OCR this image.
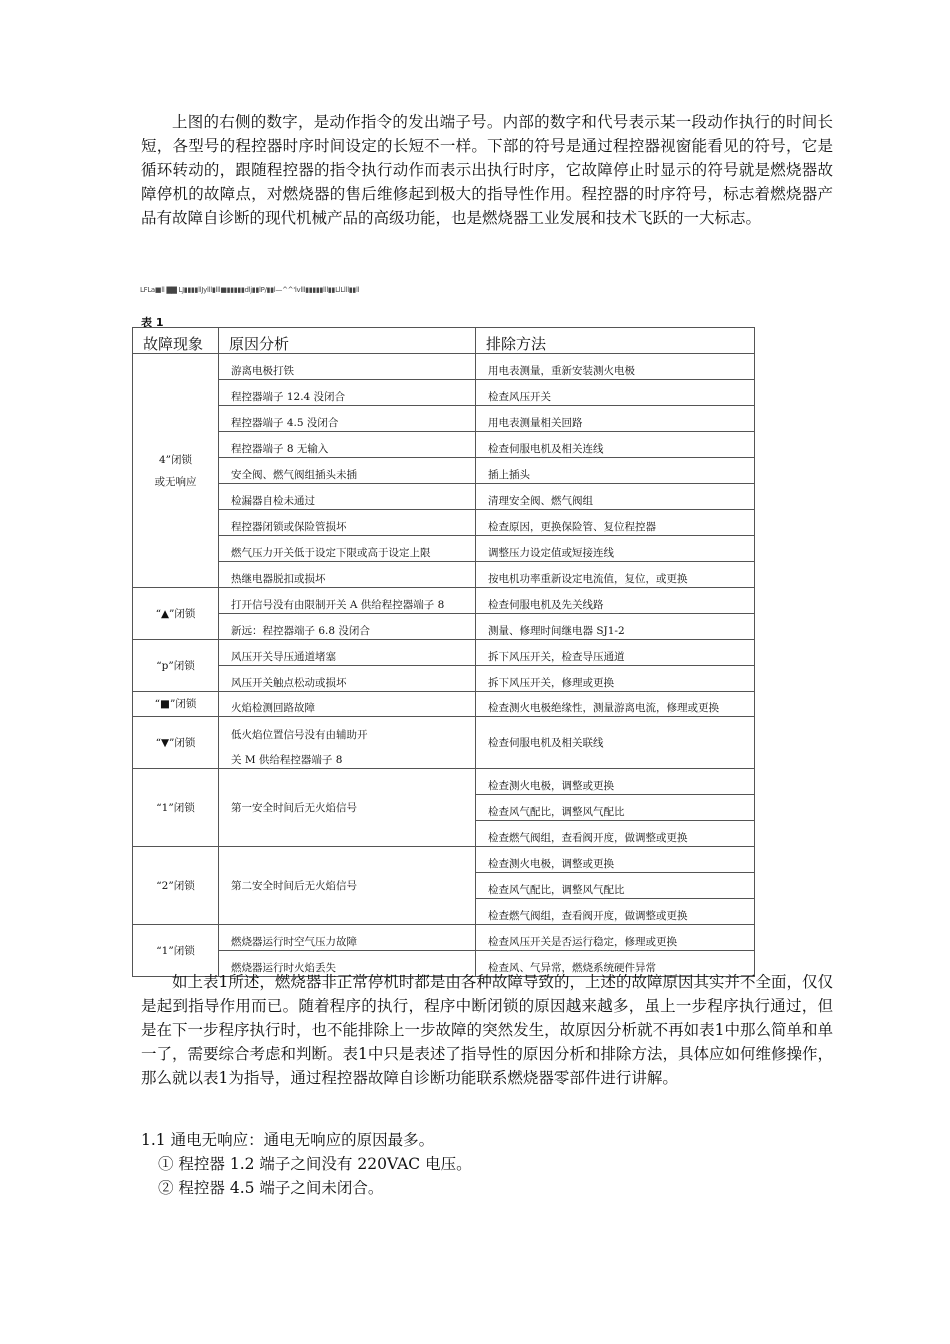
上图的右侧的数字，是动作指令的发出端子号。内部的数字和代号表示某一段动作执行的时间长短，各型号的程控器时序时间设定的长短不一样。下部的符号是通过程控器视窗能看见的符号，它是循环转动的，跟随程控器的指令执行动作而表示出执行时序，它故障停止时显示的符号就是燃烧器故障停机的故障点，对燃烧器的售后维修起到极大的指导性作用。程控器的时序符号，标志着燃烧器产品有故障自诊断的现代机械产品的高级功能，也是燃烧器工业发展和技术飞跃的一大标志。

LFLa■ll ▇▇ LJ▮▮▮▮llJylll▮lll■▮▮▮▮▮dlj▮▮lP/▮▮l—^^'lvlll▮▮▮▮▮lll▮▮LlLlll▮▮ll
表 1
故障现象	原因分析	排除方法
4”闭锁
或无响应	游离电极打铁	用电表测量，重新安装测火电极
	程控器端子 12.4 没闭合	检查风压开关
	程控器端子 4.5 没闭合	用电表测量相关回路
	程控器端子 8 无输入	检查伺服电机及相关连线
	安全阀、燃气阀组插头未插	插上插头
	检漏器自检未通过	清理安全阀、燃气阀组
	程控器闭锁或保险管损坏	检查原因，更换保险管、复位程控器
	燃气压力开关低于设定下限或高于设定上限	调整压力设定值或短接连线
	热继电器脱扣或损坏	按电机功率重新设定电流值，复位，或更换
“▲”闭锁	打开信号没有由限制开关 A 供给程控器端子 8	检查伺服电机及先关线路
	新远：程控器端子 6.8 没闭合	测量、修理时间继电器 SJ1-2
“p”闭锁	风压开关导压通道堵塞	拆下风压开关，检查导压通道
	风压开关触点松动或损坏	拆下风压开关，修理或更换
“■”闭锁	火焰检测回路故障	检查测火电极绝缘性，测量游离电流，修理或更换
“▼”闭锁	低火焰位置信号没有由辅助开	检查伺服电机及相关联线
	关 M 供给程控器端子 8	
“1”闭锁	第一安全时间后无火焰信号	检查测火电极，调整或更换
		检查风气配比，调整风气配比
		检查燃气阀组，查看阀开度，做调整或更换
“2”闭锁	第二安全时间后无火焰信号	检查测火电极，调整或更换
		检查风气配比，调整风气配比
		检查燃气阀组，查看阀开度，做调整或更换
“1”闭锁	燃烧器运行时空气压力故障	检查风压开关是否运行稳定，修理或更换
	燃烧器运行时火焰丢失	检查风、气异常，燃烧系统硬件异常

如上表1所述，燃烧器非正常停机时都是由各种故障导致的，上述的故障原因其实并不全面，仅仅是起到指导作用而已。随着程序的执行，程序中断闭锁的原因越来越多，虽上一步程序执行通过，但是在下一步程序执行时，也不能排除上一步故障的突然发生，故原因分析就不再如表1中那么简单和单一了，需要综合考虑和判断。表1中只是表述了指导性的原因分析和排除方法，具体应如何维修操作，那么就以表1为指导，通过程控器故障自诊断功能联系燃烧器零部件进行讲解。

1.1 通电无响应：通电无响应的原因最多。
① 程控器 1.2 端子之间没有 220VAC 电压。
② 程控器 4.5 端子之间未闭合。
